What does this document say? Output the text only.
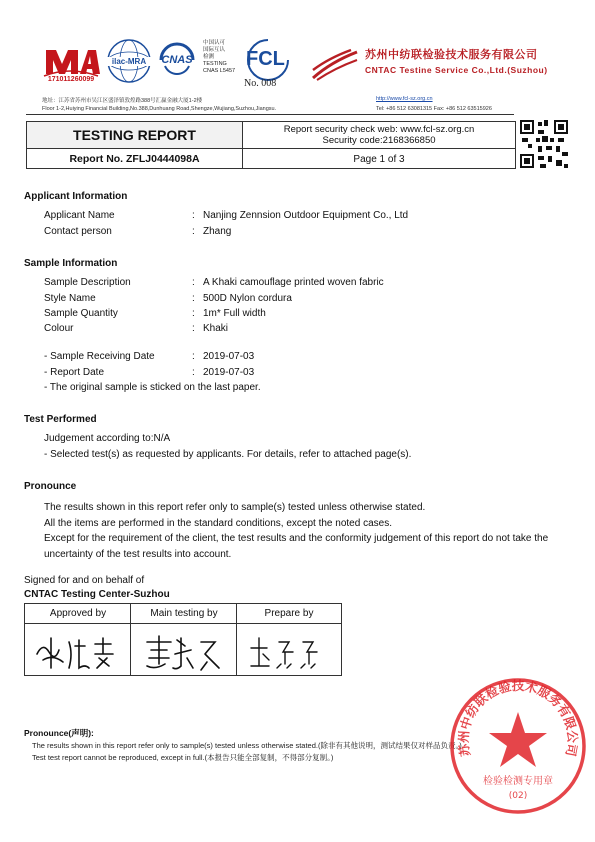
171011260099
ilac-MRA	CNAS
中国认可
国际互认
检测
TESTING
CNAS L5457
FCL
No. 008
苏州中纺联检验技术服务有限公司
CNTAC Testine Service Co.,Ltd.(Suzhou)
地址：江苏省苏州市吴江区盛泽镇敦煌路388号汇赢金融大厦1-2楼
Floor 1-2,Huiying Financial Building,No.388,Dunhuang Road,Shengze,Wujiang,Suzhou,Jiangsu.
http://www.fcl-sz.org.cn
Tel: +86 512 63081315 Fax: +86 512 63515926
TESTING REPORT	Report security check web: www.fcl-sz.org.cn
Security code:2168366850
Report No. ZFLJ0444098A	Page 1 of 3
Applicant Information
Applicant Name	: Nanjing Zennsion Outdoor Equipment Co., Ltd
Contact person	: Zhang
Sample Information
Sample Description	: A Khaki camouflage printed woven fabric
Style Name	: 500D Nylon cordura
Sample Quantity	: 1m* Full width
Colour	: Khaki
- Sample Receiving Date	: 2019-07-03
- Report Date	: 2019-07-03
- The original sample is sticked on the last paper.
Test Performed
Judgement according to:N/A
- Selected test(s) as requested by applicants. For details, refer to attached page(s).
Pronounce
The results shown in this report refer only to sample(s) tested unless otherwise stated.
All the items are performed in the standard conditions, except the noted cases.
Except for the requirement of the client, the test results and the conformity judgement of this report do not take the
uncertainty of the test results into account.
Signed for and on behalf of
CNTAC Testing Center-Suzhou
Approved by	Main testing by	Prepare by
Pronounce(声明):
The results shown in this report refer only to sample(s) tested unless otherwise stated.(除非有其他说明，测试结果仅对样品负责。)
Test test report cannot be reproduced, except in full.(本报告只能全部复制，不得部分复制。)	苏州中纺联检验技术服务有限公司
检验检测专用章
(02)
